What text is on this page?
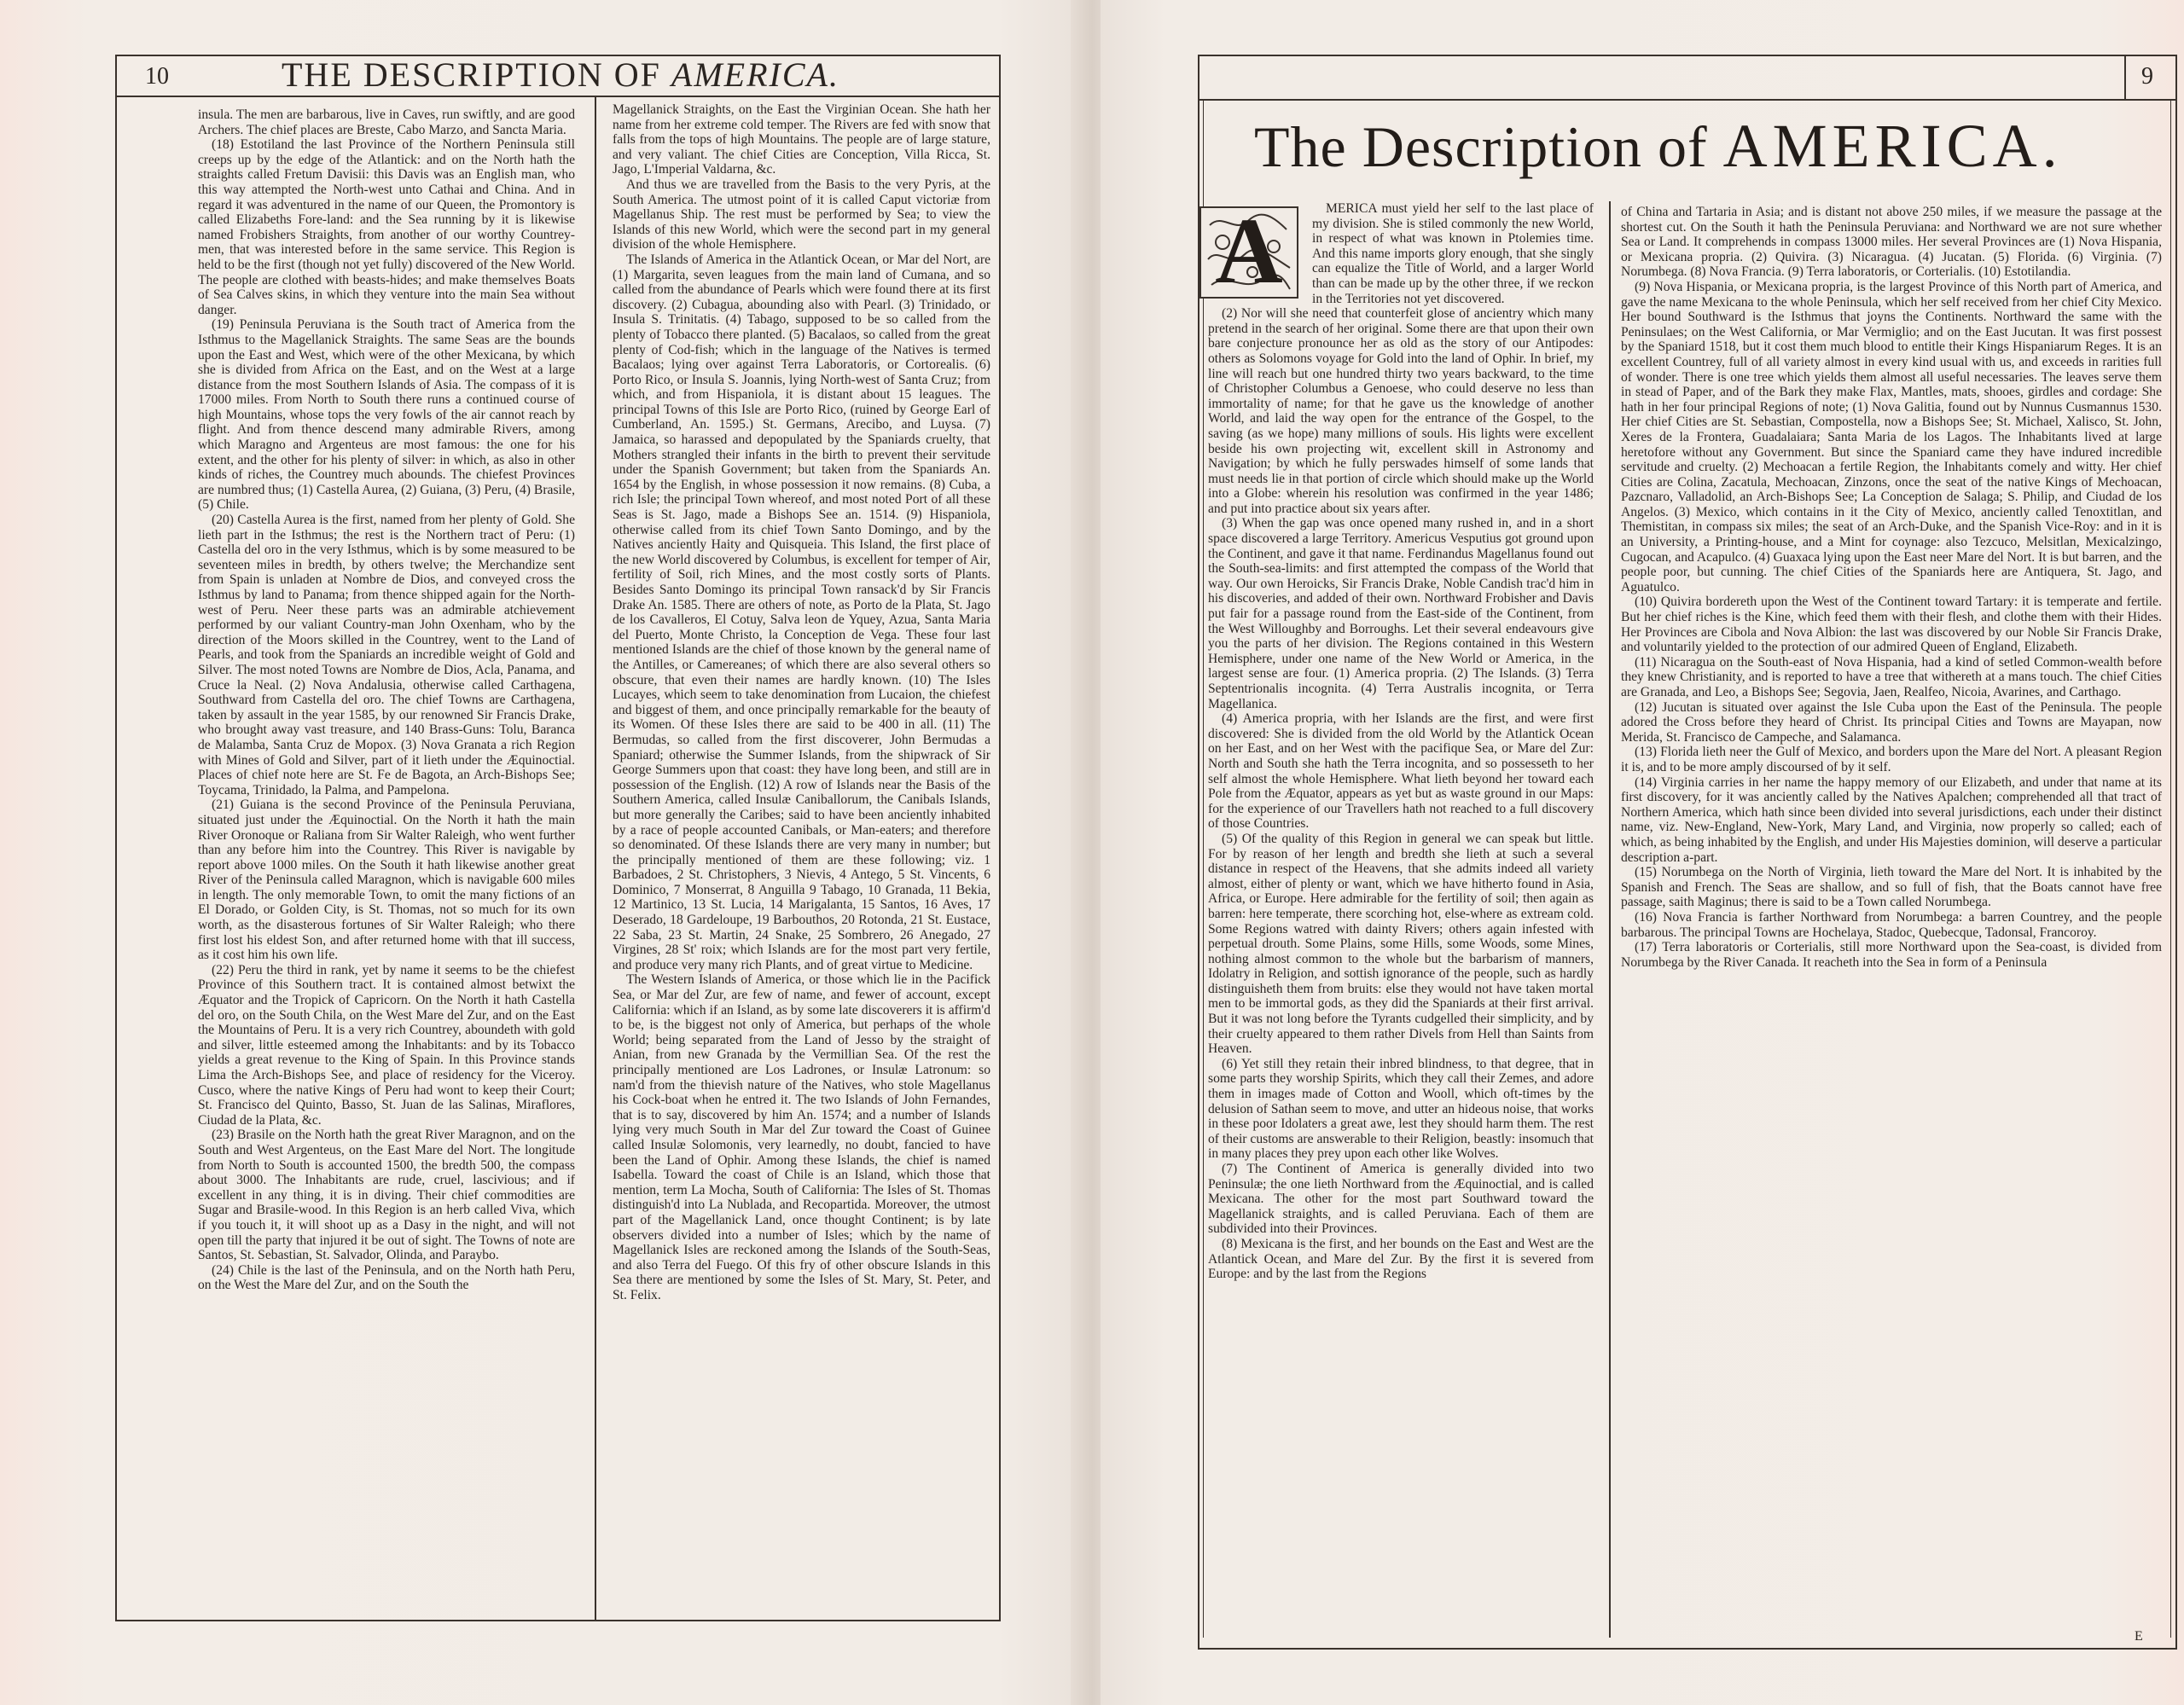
10	THE DESCRIPTION OF AMERICA.

insula. The men are barbarous, live in Caves, run swiftly, and are good Archers. The chief places are Breste, Cabo Marzo, and Sancta Maria.

(18) Estotiland the last Province of the Northern Peninsula still creeps up by the edge of the Atlantick: and on the North hath the straights called Fretum Davisii: this Davis was an English man, who this way attempted the North-west unto Cathai and China. And in regard it was adventured in the name of our Queen, the Promontory is called Elizabeths Fore-land: and the Sea running by it is likewise named Frobishers Straights, from another of our worthy Countrey-men, that was interested before in the same service. This Region is held to be the first (though not yet fully) discovered of the New World. The people are clothed with beasts-hides; and make themselves Boats of Sea Calves skins, in which they venture into the main Sea without danger.

(19) Peninsula Peruviana is the South tract of America from the Isthmus to the Magellanick Straights. The same Seas are the bounds upon the East and West, which were of the other Mexicana, by which she is divided from Africa on the East, and on the West at a large distance from the most Southern Islands of Asia. The compass of it is 17000 miles. From North to South there runs a continued course of high Mountains, whose tops the very fowls of the air cannot reach by flight. And from thence descend many admirable Rivers, among which Maragno and Argenteus are most famous: the one for his extent, and the other for his plenty of silver: in which, as also in other kinds of riches, the Countrey much abounds. The chiefest Provinces are numbred thus; (1) Castella Aurea, (2) Guiana, (3) Peru, (4) Brasile, (5) Chile.

(20) Castella Aurea is the first, named from her plenty of Gold. She lieth part in the Isthmus; the rest is the Northern tract of Peru: (1) Castella del oro in the very Isthmus, which is by some measured to be seventeen miles in bredth, by others twelve; the Merchandize sent from Spain is unladen at Nombre de Dios, and conveyed cross the Isthmus by land to Panama; from thence shipped again for the North-west of Peru. Neer these parts was an admirable atchievement performed by our valiant Country-man John Oxenham, who by the direction of the Moors skilled in the Countrey, went to the Land of Pearls, and took from the Spaniards an incredible weight of Gold and Silver. The most noted Towns are Nombre de Dios, Acla, Panama, and Cruce la Neal. (2) Nova Andalusia, otherwise called Carthagena, Southward from Castella del oro. The chief Towns are Carthagena, taken by assault in the year 1585, by our renowned Sir Francis Drake, who brought away vast treasure, and 140 Brass-Guns: Tolu, Baranca de Malamba, Santa Cruz de Mopox. (3) Nova Granata a rich Region with Mines of Gold and Silver, part of it lieth under the Æquinoctial. Places of chief note here are St. Fe de Bagota, an Arch-Bishops See; Toycama, Trinidado, la Palma, and Pampelona.

(21) Guiana is the second Province of the Peninsula Peruviana, situated just under the Æquinoctial. On the North it hath the main River Oronoque or Raliana from Sir Walter Raleigh, who went further than any before him into the Countrey. This River is navigable by report above 1000 miles. On the South it hath likewise another great River of the Peninsula called Maragnon, which is navigable 600 miles in length. The only memorable Town, to omit the many fictions of an El Dorado, or Golden City, is St. Thomas, not so much for its own worth, as the disasterous fortunes of Sir Walter Raleigh; who there first lost his eldest Son, and after returned home with that ill success, as it cost him his own life.

(22) Peru the third in rank, yet by name it seems to be the chiefest Province of this Southern tract. It is contained almost betwixt the Æquator and the Tropick of Capricorn. On the North it hath Castella del oro, on the South Chila, on the West Mare del Zur, and on the East the Mountains of Peru. It is a very rich Countrey, aboundeth with gold and silver, little esteemed among the Inhabitants: and by its Tobacco yields a great revenue to the King of Spain. In this Province stands Lima the Arch-Bishops See, and place of residency for the Viceroy. Cusco, where the native Kings of Peru had wont to keep their Court; St. Francisco del Quinto, Basso, St. Juan de las Salinas, Miraflores, Ciudad de la Plata, &c.

(23) Brasile on the North hath the great River Maragnon, and on the South and West Argenteus, on the East Mare del Nort. The longitude from North to South is accounted 1500, the bredth 500, the compass about 3000. The Inhabitants are rude, cruel, lascivious; and if excellent in any thing, it is in diving. Their chief commodities are Sugar and Brasile-wood. In this Region is an herb called Viva, which if you touch it, it will shoot up as a Dasy in the night, and will not open till the party that injured it be out of sight. The Towns of note are Santos, St. Sebastian, St. Salvador, Olinda, and Paraybo.

(24) Chile is the last of the Peninsula, and on the North hath Peru, on the West the Mare del Zur, and on the South the

Magellanick Straights, on the East the Virginian Ocean. She hath her name from her extreme cold temper. The Rivers are fed with snow that falls from the tops of high Mountains. The people are of large stature, and very valiant. The chief Cities are Conception, Villa Ricca, St. Jago, L'Imperial Valdarna, &c.

And thus we are travelled from the Basis to the very Pyris, at the South America. The utmost point of it is called Caput victoriæ from Magellanus Ship. The rest must be performed by Sea; to view the Islands of this new World, which were the second part in my general division of the whole Hemisphere.

The Islands of America in the Atlantick Ocean, or Mar del Nort, are (1) Margarita, seven leagues from the main land of Cumana, and so called from the abundance of Pearls which were found there at its first discovery. (2) Cubagua, abounding also with Pearl. (3) Trinidado, or Insula S. Trinitatis. (4) Tabago, supposed to be so called from the plenty of Tobacco there planted. (5) Bacalaos, so called from the great plenty of Cod-fish; which in the language of the Natives is termed Bacalaos; lying over against Terra Laboratoris, or Cortorealis. (6) Porto Rico, or Insula S. Joannis, lying North-west of Santa Cruz; from which, and from Hispaniola, it is distant about 15 leagues. The principal Towns of this Isle are Porto Rico, (ruined by George Earl of Cumberland, An. 1595.) St. Germans, Arecibo, and Luysa. (7) Jamaica, so harassed and depopulated by the Spaniards cruelty, that Mothers strangled their infants in the birth to prevent their servitude under the Spanish Government; but taken from the Spaniards An. 1654 by the English, in whose possession it now remains. (8) Cuba, a rich Isle; the principal Town whereof, and most noted Port of all these Seas is St. Jago, made a Bishops See an. 1514. (9) Hispaniola, otherwise called from its chief Town Santo Domingo, and by the Natives anciently Haity and Quisqueia. This Island, the first place of the new World discovered by Columbus, is excellent for temper of Air, fertility of Soil, rich Mines, and the most costly sorts of Plants. Besides Santo Domingo its principal Town ransack'd by Sir Francis Drake An. 1585. There are others of note, as Porto de la Plata, St. Jago de los Cavalleros, El Cotuy, Salva leon de Yquey, Azua, Santa Maria del Puerto, Monte Christo, la Conception de Vega. These four last mentioned Islands are the chief of those known by the general name of the Antilles, or Camereanes; of which there are also several others so obscure, that even their names are hardly known. (10) The Isles Lucayes, which seem to take denomination from Lucaion, the chiefest and biggest of them, and once principally remarkable for the beauty of its Women. Of these Isles there are said to be 400 in all. (11) The Bermudas, so called from the first discoverer, John Bermudas a Spaniard; otherwise the Summer Islands, from the shipwrack of Sir George Summers upon that coast: they have long been, and still are in possession of the English. (12) A row of Islands near the Basis of the Southern America, called Insulæ Caniballorum, the Canibals Islands, but more generally the Caribes; said to have been anciently inhabited by a race of people accounted Canibals, or Man-eaters; and therefore so denominated. Of these Islands there are very many in number; but the principally mentioned of them are these following; viz. 1 Barbadoes, 2 St. Christophers, 3 Nievis, 4 Antego, 5 St. Vincents, 6 Dominico, 7 Monserrat, 8 Anguilla 9 Tabago, 10 Granada, 11 Bekia, 12 Martinico, 13 St. Lucia, 14 Marigalanta, 15 Santos, 16 Aves, 17 Deserado, 18 Gardeloupe, 19 Barbouthos, 20 Rotonda, 21 St. Eustace, 22 Saba, 23 St. Martin, 24 Snake, 25 Sombrero, 26 Anegado, 27 Virgines, 28 St' roix; which Islands are for the most part very fertile, and produce very many rich Plants, and of great virtue to Medicine.

The Western Islands of America, or those which lie in the Pacifick Sea, or Mar del Zur, are few of name, and fewer of account, except California: which if an Island, as by some late discoverers it is affirm'd to be, is the biggest not only of America, but perhaps of the whole World; being separated from the Land of Jesso by the straight of Anian, from new Granada by the Vermillian Sea. Of the rest the principally mentioned are Los Ladrones, or Insulæ Latronum: so nam'd from the thievish nature of the Natives, who stole Magellanus his Cock-boat when he entred it. The two Islands of John Fernandes, that is to say, discovered by him An. 1574; and a number of Islands lying very much South in Mar del Zur toward the Coast of Guinee called Insulæ Solomonis, very learnedly, no doubt, fancied to have been the Land of Ophir. Among these Islands, the chief is named Isabella. Toward the coast of Chile is an Island, which those that mention, term La Mocha, South of California: The Isles of St. Thomas distinguish'd into La Nublada, and Recopartida. Moreover, the utmost part of the Magellanick Land, once thought Continent; is by late observers divided into a number of Isles; which by the name of Magellanick Isles are reckoned among the Islands of the South-Seas, and also Terra del Fuego. Of this fry of other obscure Islands in this Sea there are mentioned by some the Isles of St. Mary, St. Peter, and St. Felix.

9
The Description of AMERICA.
A	MERICA must yield her self to the last place of my division. She is stiled commonly the new World, in respect of what was known in Ptolemies time. And this name imports glory enough, that she singly can equalize the Title of World, and a larger World than can be made up by the other three, if we reckon in the Territories not yet discovered.

(2) Nor will she need that counterfeit glose of ancientry which many pretend in the search of her original. Some there are that upon their own bare conjecture pronounce her as old as the story of our Antipodes: others as Solomons voyage for Gold into the land of Ophir. In brief, my line will reach but one hundred thirty two years backward, to the time of Christopher Columbus a Genoese, who could deserve no less than immortality of name; for that he gave us the knowledge of another World, and laid the way open for the entrance of the Gospel, to the saving (as we hope) many millions of souls. His lights were excellent beside his own projecting wit, excellent skill in Astronomy and Navigation; by which he fully perswades himself of some lands that must needs lie in that portion of circle which should make up the World into a Globe: wherein his resolution was confirmed in the year 1486; and put into practice about six years after.

(3) When the gap was once opened many rushed in, and in a short space discovered a large Territory. Americus Vesputius got ground upon the Continent, and gave it that name. Ferdinandus Magellanus found out the South-sea-limits: and first attempted the compass of the World that way. Our own Heroicks, Sir Francis Drake, Noble Candish trac'd him in his discoveries, and added of their own. Northward Frobisher and Davis put fair for a passage round from the East-side of the Continent, from the West Willoughby and Borroughs. Let their several endeavours give you the parts of her division. The Regions contained in this Western Hemisphere, under one name of the New World or America, in the largest sense are four. (1) America propria. (2) The Islands. (3) Terra Septentrionalis incognita. (4) Terra Australis incognita, or Terra Magellanica.

(4) America propria, with her Islands are the first, and were first discovered: She is divided from the old World by the Atlantick Ocean on her East, and on her West with the pacifique Sea, or Mare del Zur: North and South she hath the Terra incognita, and so possesseth to her self almost the whole Hemisphere. What lieth beyond her toward each Pole from the Æquator, appears as yet but as waste ground in our Maps: for the experience of our Travellers hath not reached to a full discovery of those Countries.

(5) Of the quality of this Region in general we can speak but little. For by reason of her length and bredth she lieth at such a several distance in respect of the Heavens, that she admits indeed all variety almost, either of plenty or want, which we have hitherto found in Asia, Africa, or Europe. Here admirable for the fertility of soil; then again as barren: here temperate, there scorching hot, else-where as extream cold. Some Regions watred with dainty Rivers; others again infested with perpetual drouth. Some Plains, some Hills, some Woods, some Mines, nothing almost common to the whole but the barbarism of manners, Idolatry in Religion, and sottish ignorance of the people, such as hardly distinguisheth them from bruits: else they would not have taken mortal men to be immortal gods, as they did the Spaniards at their first arrival. But it was not long before the Tyrants cudgelled their simplicity, and by their cruelty appeared to them rather Divels from Hell than Saints from Heaven.

(6) Yet still they retain their inbred blindness, to that degree, that in some parts they worship Spirits, which they call their Zemes, and adore them in images made of Cotton and Wooll, which oft-times by the delusion of Sathan seem to move, and utter an hideous noise, that works in these poor Idolaters a great awe, lest they should harm them. The rest of their customs are answerable to their Religion, beastly: insomuch that in many places they prey upon each other like Wolves.

(7) The Continent of America is generally divided into two Peninsulæ; the one lieth Northward from the Æquinoctial, and is called Mexicana. The other for the most part Southward toward the Magellanick straights, and is called Peruviana. Each of them are subdivided into their Provinces.

(8) Mexicana is the first, and her bounds on the East and West are the Atlantick Ocean, and Mare del Zur. By the first it is severed from Europe: and by the last from the Regions

of China and Tartaria in Asia; and is distant not above 250 miles, if we measure the passage at the shortest cut. On the South it hath the Peninsula Peruviana: and Northward we are not sure whether Sea or Land. It comprehends in compass 13000 miles. Her several Provinces are (1) Nova Hispania, or Mexicana propria. (2) Quivira. (3) Nicaragua. (4) Jucatan. (5) Florida. (6) Virginia. (7) Norumbega. (8) Nova Francia. (9) Terra laboratoris, or Corterialis. (10) Estotilandia.

(9) Nova Hispania, or Mexicana propria, is the largest Province of this North part of America, and gave the name Mexicana to the whole Peninsula, which her self received from her chief City Mexico. Her bound Southward is the Isthmus that joyns the Continents. Northward the same with the Peninsulaes; on the West California, or Mar Vermiglio; and on the East Jucutan. It was first possest by the Spaniard 1518, but it cost them much blood to entitle their Kings Hispaniarum Reges. It is an excellent Countrey, full of all variety almost in every kind usual with us, and exceeds in rarities full of wonder. There is one tree which yields them almost all useful necessaries. The leaves serve them in stead of Paper, and of the Bark they make Flax, Mantles, mats, shooes, girdles and cordage: She hath in her four principal Regions of note; (1) Nova Galitia, found out by Nunnus Cusmannus 1530. Her chief Cities are St. Sebastian, Compostella, now a Bishops See; St. Michael, Xalisco, St. John, Xeres de la Frontera, Guadalaiara; Santa Maria de los Lagos. The Inhabitants lived at large heretofore without any Government. But since the Spaniard came they have indured incredible servitude and cruelty. (2) Mechoacan a fertile Region, the Inhabitants comely and witty. Her chief Cities are Colina, Zacatula, Mechoacan, Zinzons, once the seat of the native Kings of Mechoacan, Pazcnaro, Valladolid, an Arch-Bishops See; La Conception de Salaga; S. Philip, and Ciudad de los Angelos. (3) Mexico, which contains in it the City of Mexico, anciently called Tenoxtitlan, and Themistitan, in compass six miles; the seat of an Arch-Duke, and the Spanish Vice-Roy: and in it is an University, a Printing-house, and a Mint for coynage: also Tezcuco, Melsitlan, Mexicalzingo, Cugocan, and Acapulco. (4) Guaxaca lying upon the East neer Mare del Nort. It is but barren, and the people poor, but cunning. The chief Cities of the Spaniards here are Antiquera, St. Jago, and Aguatulco.

(10) Quivira bordereth upon the West of the Continent toward Tartary: it is temperate and fertile. But her chief riches is the Kine, which feed them with their flesh, and clothe them with their Hides. Her Provinces are Cibola and Nova Albion: the last was discovered by our Noble Sir Francis Drake, and voluntarily yielded to the protection of our admired Queen of England, Elizabeth.

(11) Nicaragua on the South-east of Nova Hispania, had a kind of setled Common-wealth before they knew Christianity, and is reported to have a tree that withereth at a mans touch. The chief Cities are Granada, and Leo, a Bishops See; Segovia, Jaen, Realfeo, Nicoia, Avarines, and Carthago.

(12) Jucutan is situated over against the Isle Cuba upon the East of the Peninsula. The people adored the Cross before they heard of Christ. Its principal Cities and Towns are Mayapan, now Merida, St. Francisco de Campeche, and Salamanca.

(13) Florida lieth neer the Gulf of Mexico, and borders upon the Mare del Nort. A pleasant Region it is, and to be more amply discoursed of by it self.

(14) Virginia carries in her name the happy memory of our Elizabeth, and under that name at its first discovery, for it was anciently called by the Natives Apalchen; comprehended all that tract of Northern America, which hath since been divided into several jurisdictions, each under their distinct name, viz. New-England, New-York, Mary Land, and Virginia, now properly so called; each of which, as being inhabited by the English, and under His Majesties dominion, will deserve a particular description a-part.

(15) Norumbega on the North of Virginia, lieth toward the Mare del Nort. It is inhabited by the Spanish and French. The Seas are shallow, and so full of fish, that the Boats cannot have free passage, saith Maginus; there is said to be a Town called Norumbega.

(16) Nova Francia is farther Northward from Norumbega: a barren Countrey, and the people barbarous. The principal Towns are Hochelaya, Stadoc, Quebecque, Tadonsal, Francoroy.

(17) Terra laboratoris or Corterialis, still more Northward upon the Sea-coast, is divided from Norumbega by the River Canada. It reacheth into the Sea in form of a Peninsula

E
